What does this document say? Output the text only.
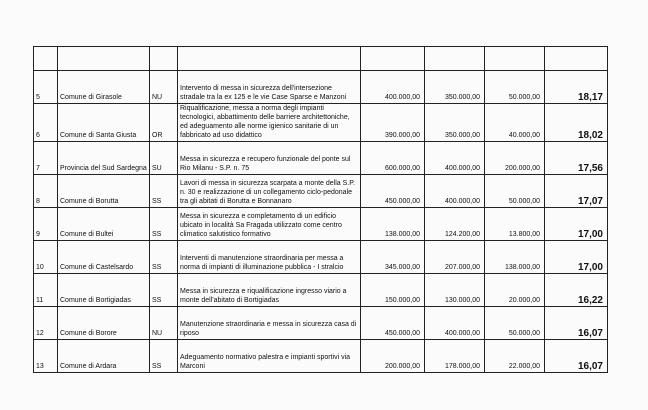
5	Comune di Girasole	NU	Intervento di messa in sicurezza dell'intersezione stradale tra la ex 125 e le vie Case Sparse e Manzoni	400.000,00	350.000,00	50.000,00	18,17
6	Comune di Santa Giusta	OR	Riqualificazione, messa a norma degli impianti tecnologici, abbattimento delle barriere architettoniche, ed adeguamento alle norme igienico sanitarie di un fabbricato ad uso didattico	390.000,00	350.000,00	40.000,00	18,02
7	Provincia del Sud Sardegna	SU	Messa in sicurezza e recupero funzionale del ponte sul Rio Milanu - S.P. n. 75	600.000,00	400.000,00	200.000,00	17,56
8	Comune di Borutta	SS	Lavori di messa in sicurezza scarpata a monte della S.P. n. 30 e realizzazione di un collegamento ciclo-pedonale tra gli abitati di Borutta e Bonnanaro	450.000,00	400.000,00	50.000,00	17,07
9	Comune di Bultei	SS	Messa in sicurezza e completamento di un edificio ubicato in località Sa Fragada utilizzato come centro climatico salutistico formativo	138.000,00	124.200,00	13.800,00	17,00
10	Comune di Castelsardo	SS	Interventi di manutenzione straordinaria per messa a norma di impianti di illuminazione pubblica - I stralcio	345.000,00	207.000,00	138.000,00	17,00
11	Comune di Bortigiadas	SS	Messa in sicurezza e riqualificazione ingresso viario a monte dell'abitato di Bortigiadas	150.000,00	130.000,00	20.000,00	16,22
12	Comune di Borore	NU	Manutenzione straordinaria e messa in sicurezza casa di riposo	450.000,00	400.000,00	50.000,00	16,07
13	Comune di Ardara	SS	Adeguamento normativo palestra e impianti sportivi via Marconi	200.000,00	178.000,00	22.000,00	16,07
